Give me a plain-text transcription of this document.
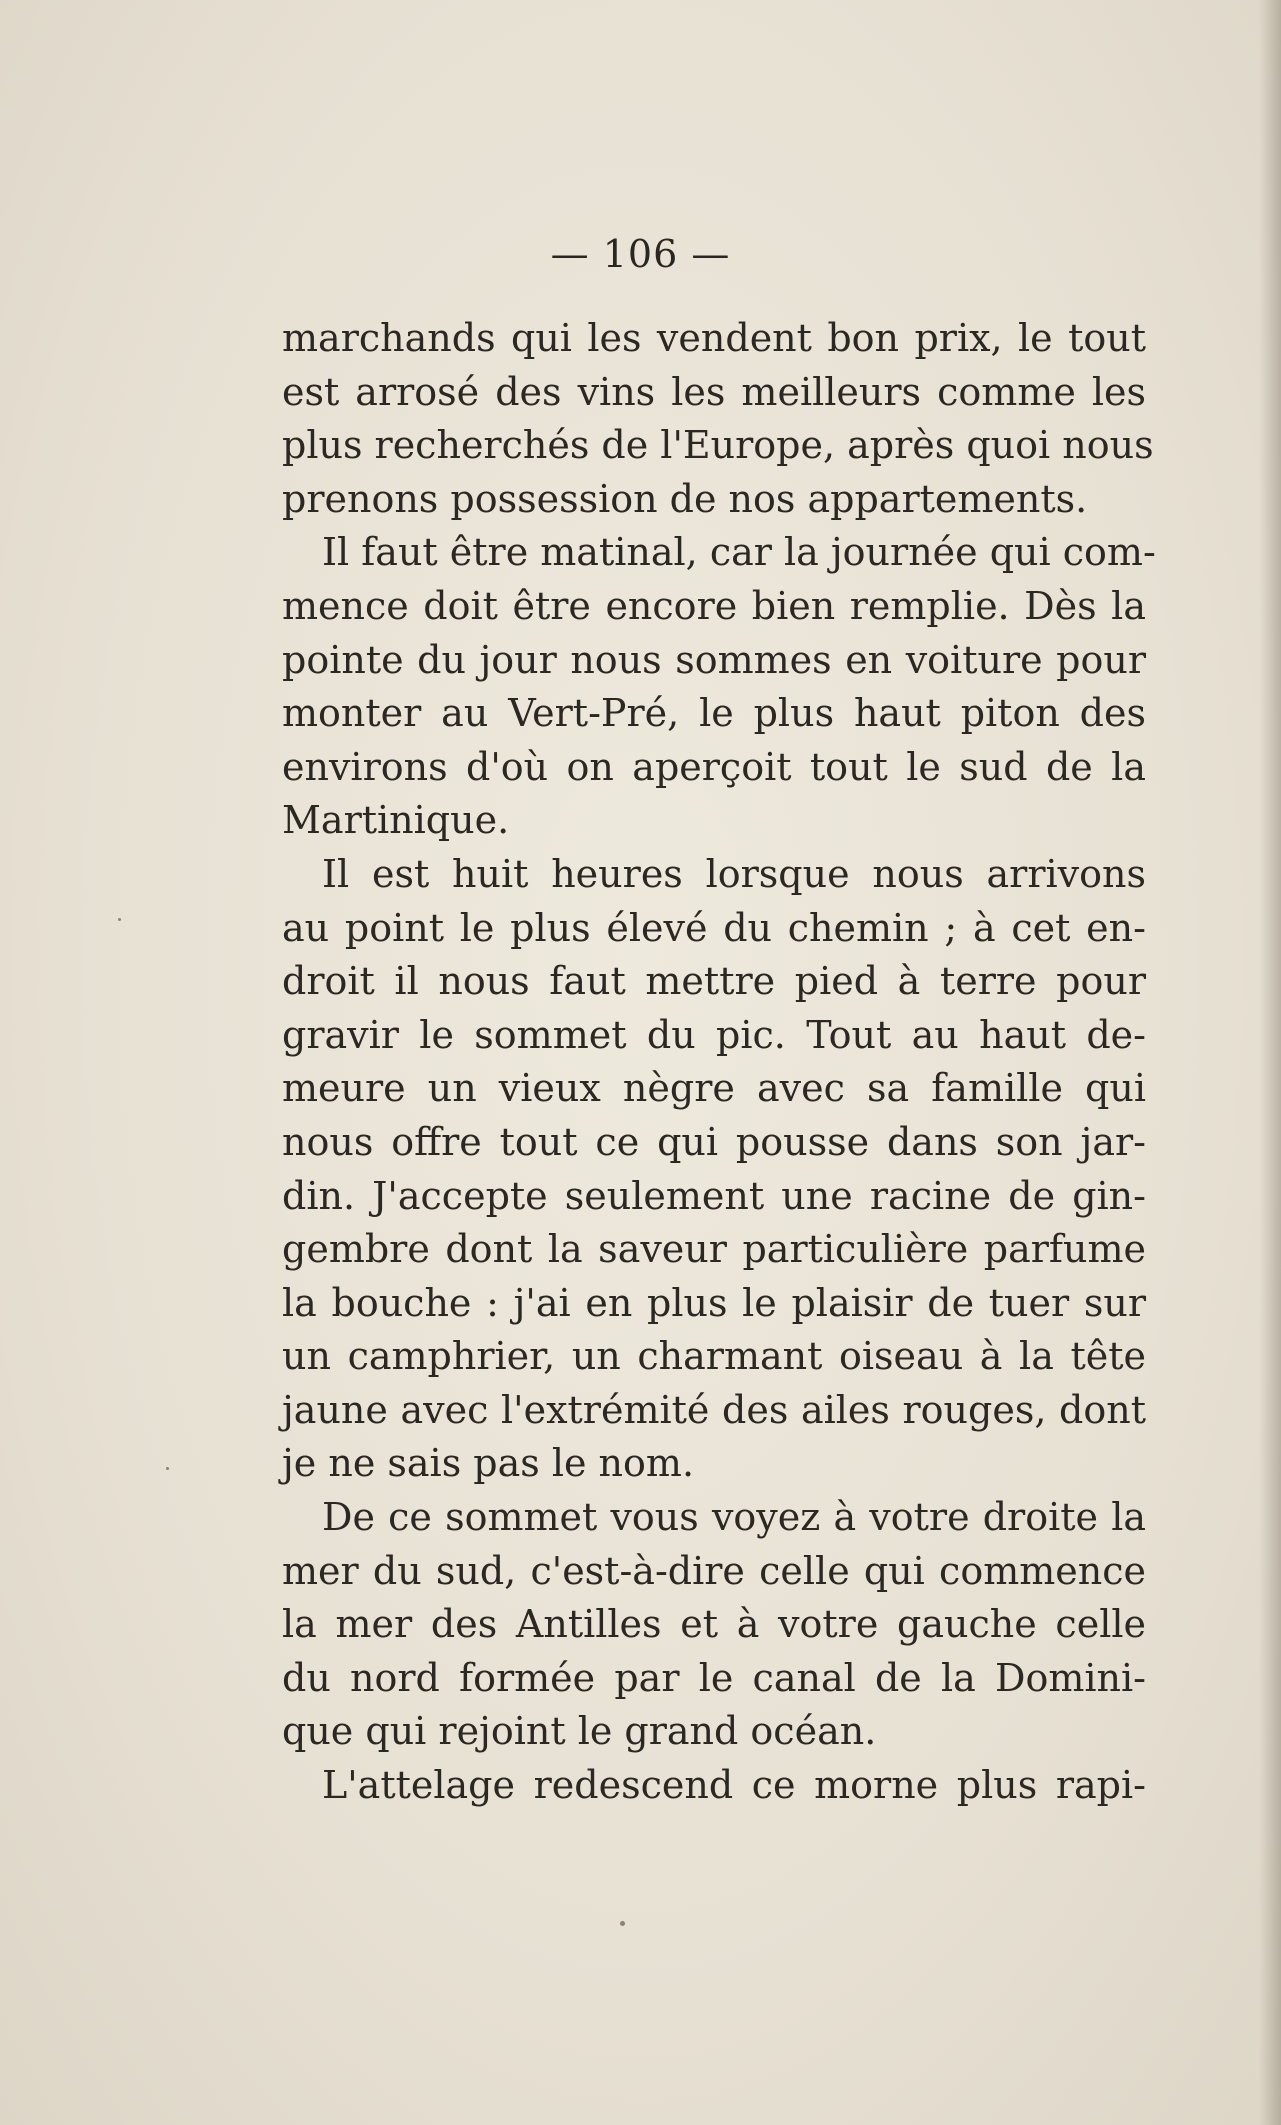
— 106 —
marchands qui les vendent bon prix, le tout
est arrosé des vins les meilleurs comme les
plus recherchés de l'Europe, après quoi nous
prenons possession de nos appartements.
Il faut être matinal, car la journée qui com-
mence doit être encore bien remplie. Dès la
pointe du jour nous sommes en voiture pour
monter au Vert-Pré, le plus haut piton des
environs d'où on aperçoit tout le sud de la
Martinique.
Il est huit heures lorsque nous arrivons
au point le plus élevé du chemin ; à cet en-
droit il nous faut mettre pied à terre pour
gravir le sommet du pic. Tout au haut de-
meure un vieux nègre avec sa famille qui
nous offre tout ce qui pousse dans son jar-
din. J'accepte seulement une racine de gin-
gembre dont la saveur particulière parfume
la bouche : j'ai en plus le plaisir de tuer sur
un camphrier, un charmant oiseau à la tête
jaune avec l'extrémité des ailes rouges, dont
je ne sais pas le nom.
De ce sommet vous voyez à votre droite la
mer du sud, c'est-à-dire celle qui commence
la mer des Antilles et à votre gauche celle
du nord formée par le canal de la Domini-
que qui rejoint le grand océan.
L'attelage redescend ce morne plus rapi-
